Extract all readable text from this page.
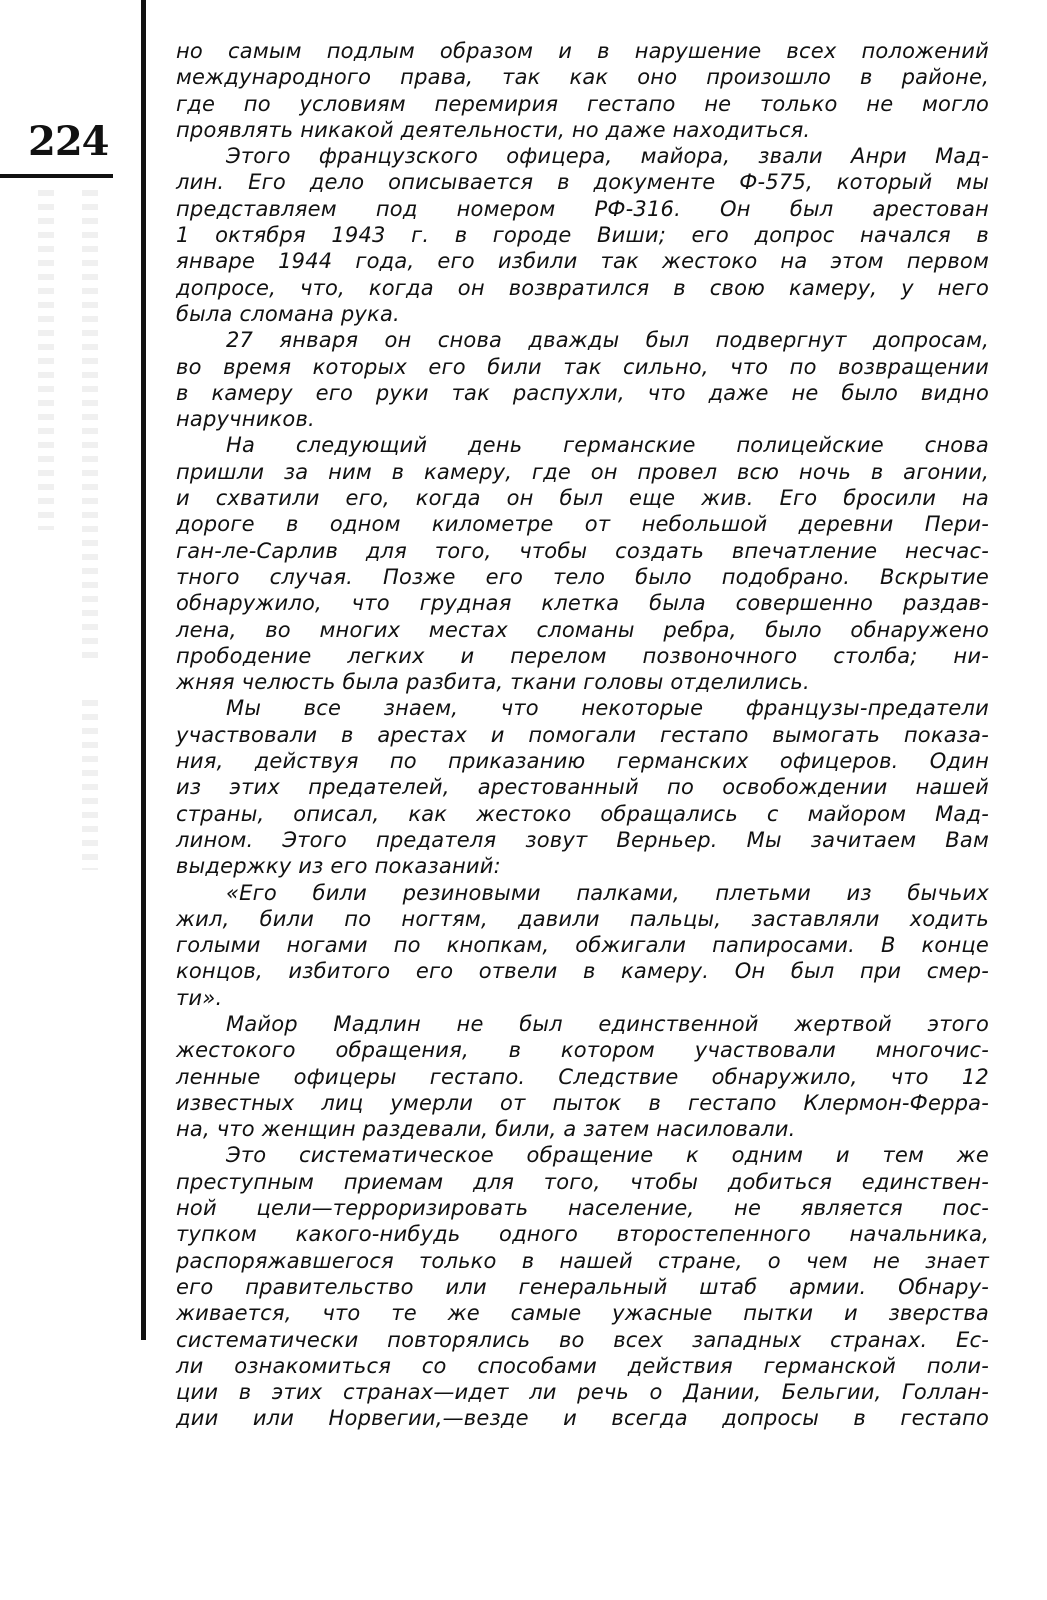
224
но самым подлым образом и в нарушение всех положений
международного права, так как оно произошло в районе,
где по условиям перемирия гестапо не только не могло
проявлять никакой деятельности, но даже находиться.
Этого французского офицера, майора, звали Анри Мад-
лин. Его дело описывается в документе Ф-575, который мы
представляем под номером РФ-316. Он был арестован
1 октября 1943 г. в городе Виши; его допрос начался в
январе 1944 года, его избили так жестоко на этом первом
допросе, что, когда он возвратился в свою камеру, у него
была сломана рука.
27 января он снова дважды был подвергнут допросам,
во время которых его били так сильно, что по возвращении
в камеру его руки так распухли, что даже не было видно
наручников.
На следующий день германские полицейские снова
пришли за ним в камеру, где он провел всю ночь в агонии,
и схватили его, когда он был еще жив. Его бросили на
дороге в одном километре от небольшой деревни Пери-
ган-ле-Сарлив для того, чтобы создать впечатление несчас-
тного случая. Позже его тело было подобрано. Вскрытие
обнаружило, что грудная клетка была совершенно раздав-
лена, во многих местах сломаны ребра, было обнаружено
прободение легких и перелом позвоночного столба; ни-
жняя челюсть была разбита, ткани головы отделились.
Мы все знаем, что некоторые французы-предатели
участвовали в арестах и помогали гестапо вымогать показа-
ния, действуя по приказанию германских офицеров. Один
из этих предателей, арестованный по освобождении нашей
страны, описал, как жестоко обращались с майором Мад-
лином. Этого предателя зовут Верньер. Мы зачитаем Вам
выдержку из его показаний:
«Его били резиновыми палками, плетьми из бычьих
жил, били по ногтям, давили пальцы, заставляли ходить
голыми ногами по кнопкам, обжигали папиросами. В конце
концов, избитого его отвели в камеру. Он был при смер-
ти».
Майор Мадлин не был единственной жертвой этого
жестокого обращения, в котором участвовали многочис-
ленные офицеры гестапо. Следствие обнаружило, что 12
известных лиц умерли от пыток в гестапо Клермон-Ферра-
на, что женщин раздевали, били, а затем насиловали.
Это систематическое обращение к одним и тем же
преступным приемам для того, чтобы добиться единствен-
ной цели—терроризировать население, не является пос-
тупком какого-нибудь одного второстепенного начальника,
распоряжавшегося только в нашей стране, о чем не знает
его правительство или генеральный штаб армии. Обнару-
живается, что те же самые ужасные пытки и зверства
систематически повторялись во всех западных странах. Ес-
ли ознакомиться со способами действия германской поли-
ции в этих странах—идет ли речь о Дании, Бельгии, Голлан-
дии или Норвегии,—везде и всегда допросы в гестапо
